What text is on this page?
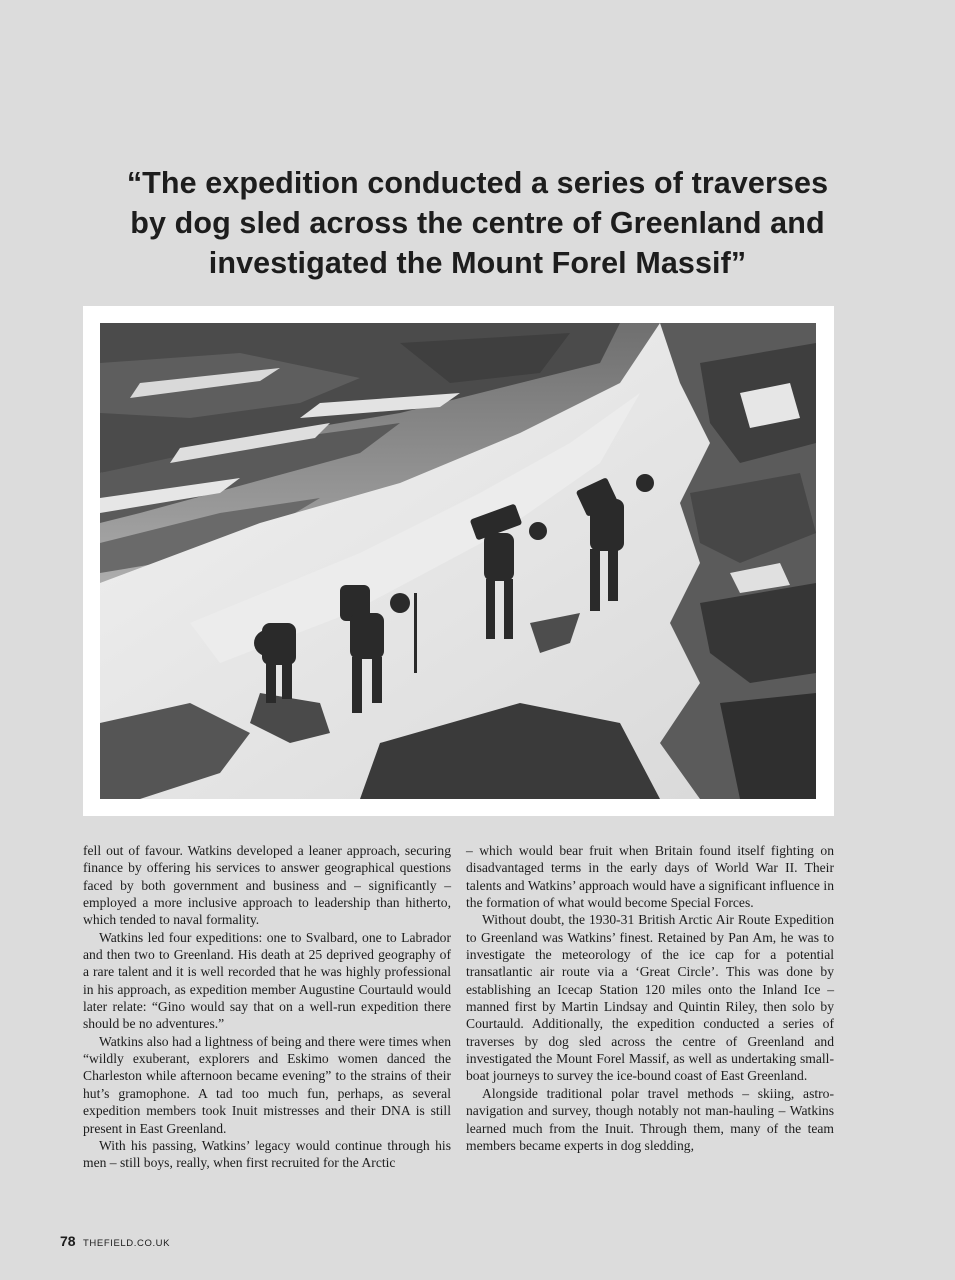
“The expedition conducted a series of traverses
by dog sled across the centre of Greenland and
investigated the Mount Forel Massif”

fell out of favour. Watkins developed a leaner approach, securing finance by offering his services to answer geographical questions faced by both government and business and – significantly – employed a more inclusive approach to leadership than hitherto, which tended to naval formality.

Watkins led four expeditions: one to Svalbard, one to Labrador and then two to Greenland. His death at 25 deprived geography of a rare talent and it is well recorded that he was highly professional in his approach, as expedition member Augustine Courtauld would later relate: “Gino would say that on a well-run expedition there should be no adventures.”

Watkins also had a lightness of being and there were times when “wildly exuberant, explorers and Eskimo women danced the Charleston while afternoon became evening” to the strains of their hut’s gramophone. A tad too much fun, perhaps, as several expedition members took Inuit mistresses and their DNA is still present in East Greenland.

With his passing, Watkins’ legacy would continue through his men – still boys, really, when first recruited for the Arctic

– which would bear fruit when Britain found itself fighting on disadvantaged terms in the early days of World War II. Their talents and Watkins’ approach would have a significant influence in the formation of what would become Special Forces.

Without doubt, the 1930-31 British Arctic Air Route Expedition to Greenland was Watkins’ finest. Retained by Pan Am, he was to investigate the meteorology of the ice cap for a potential transatlantic air route via a ‘Great Circle’. This was done by establishing an Icecap Station 120 miles onto the Inland Ice – manned first by Martin Lindsay and Quintin Riley, then solo by Courtauld. Additionally, the expedition conducted a series of traverses by dog sled across the centre of Greenland and investigated the Mount Forel Massif, as well as undertaking small-boat journeys to survey the ice-bound coast of East Greenland.

Alongside traditional polar travel methods – skiing, astro-navigation and survey, though notably not man-hauling – Watkins learned much from the Inuit. Through them, many of the team members became experts in dog sledding,

78 THEFIELD.CO.UK
